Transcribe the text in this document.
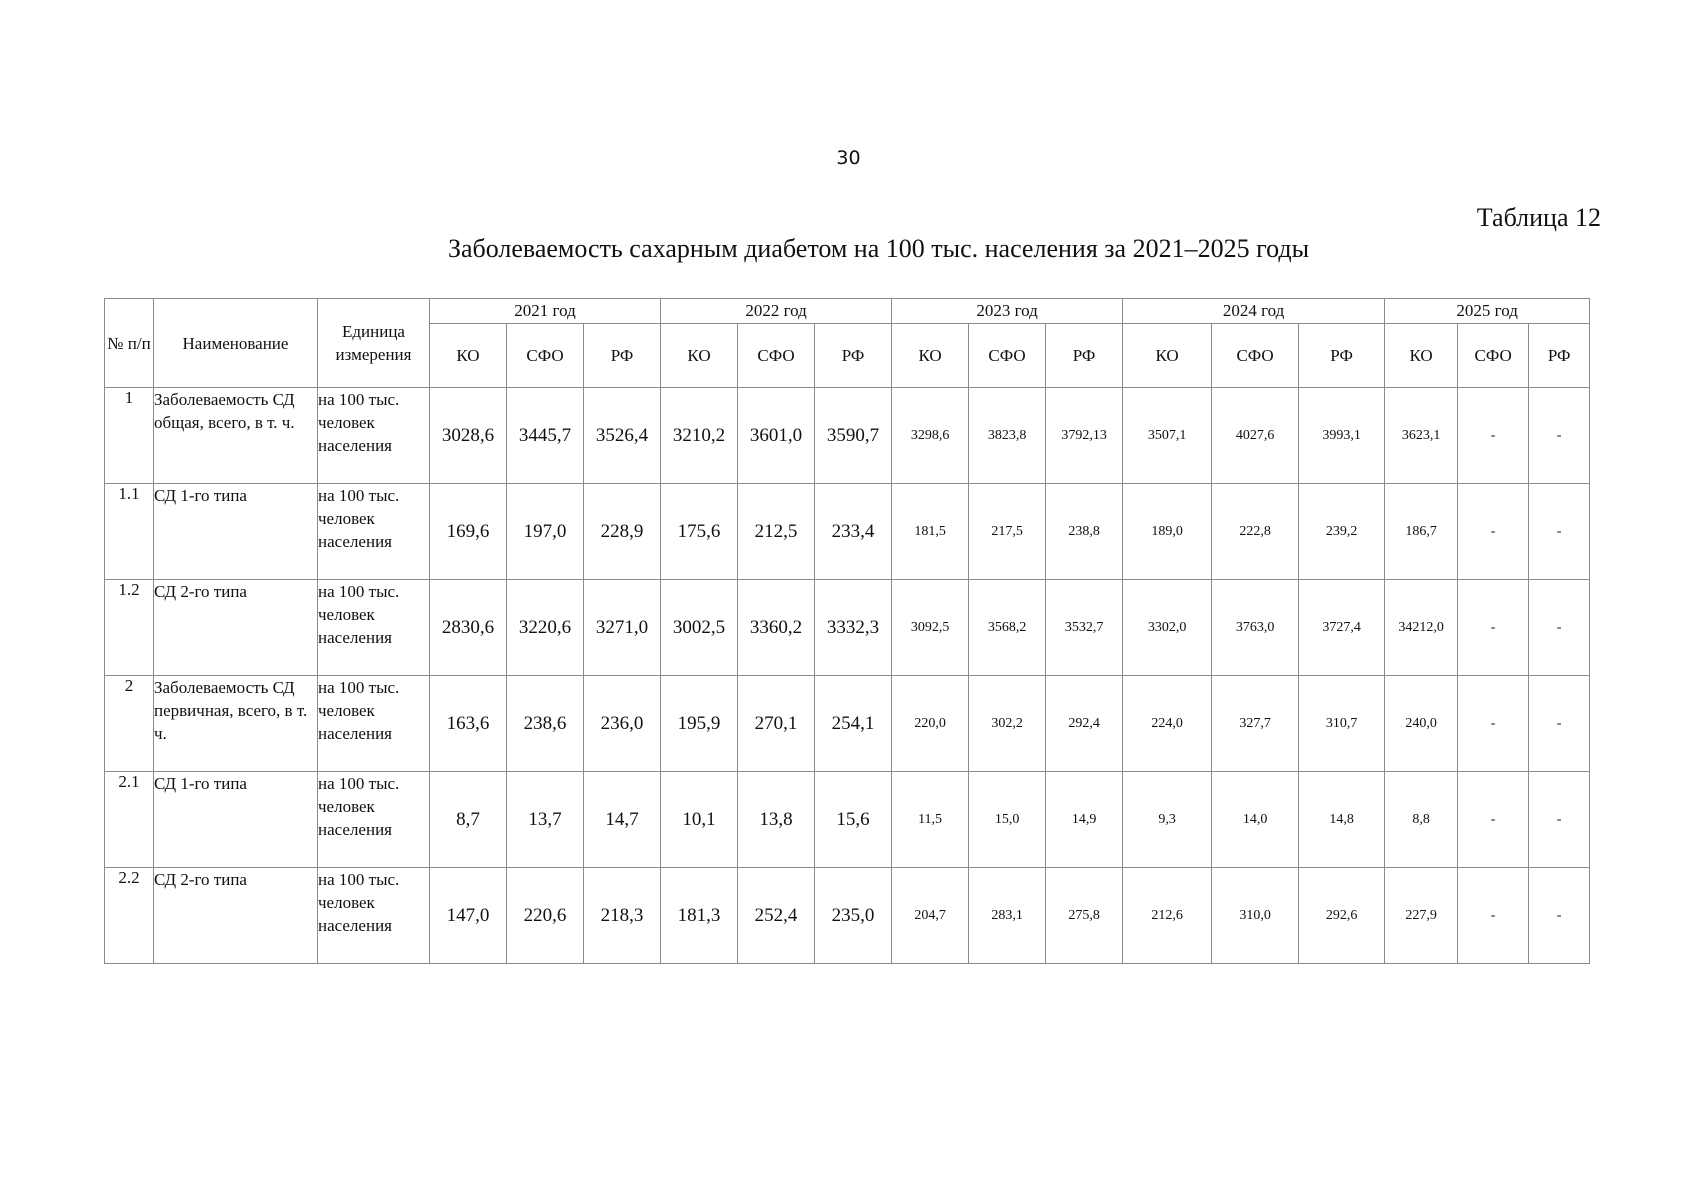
30
Таблица 12
Заболеваемость сахарным диабетом на 100 тыс. населения за 2021–2025 годы
№ п/п	Наименование	Единица измерения	2021 год			2022 год			2023 год			2024 год			2025 год		
			КО	СФО	РФ	КО	СФО	РФ	КО	СФО	РФ	КО	СФО	РФ	КО	СФО	РФ
1	Заболеваемость СД общая, всего, в т. ч.	на 100 тыс. человек населения	3028,6	3445,7	3526,4	3210,2	3601,0	3590,7	3298,6	3823,8	3792,13	3507,1	4027,6	3993,1	3623,1	-	-
1.1	СД 1-го типа	на 100 тыс. человек населения	169,6	197,0	228,9	175,6	212,5	233,4	181,5	217,5	238,8	189,0	222,8	239,2	186,7	-	-
1.2	СД 2-го типа	на 100 тыс. человек населения	2830,6	3220,6	3271,0	3002,5	3360,2	3332,3	3092,5	3568,2	3532,7	3302,0	3763,0	3727,4	34212,0	-	-
2	Заболеваемость СД первичная, всего, в т. ч.	на 100 тыс. человек населения	163,6	238,6	236,0	195,9	270,1	254,1	220,0	302,2	292,4	224,0	327,7	310,7	240,0	-	-
2.1	СД 1-го типа	на 100 тыс. человек населения	8,7	13,7	14,7	10,1	13,8	15,6	11,5	15,0	14,9	9,3	14,0	14,8	8,8	-	-
2.2	СД 2-го типа	на 100 тыс. человек населения	147,0	220,6	218,3	181,3	252,4	235,0	204,7	283,1	275,8	212,6	310,0	292,6	227,9	-	-
